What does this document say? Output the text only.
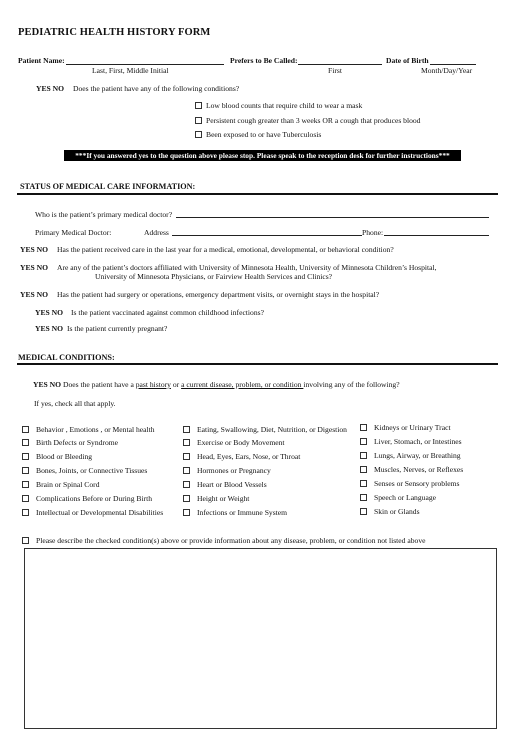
PEDIATRIC HEALTH HISTORY FORM
Patient Name:	Prefers to Be Called:	Date of Birth
Last, First, Middle Initial	First	Month/Day/Year
YES NO Does the patient have any of the following conditions?
Low blood counts that require child to wear a mask
Persistent cough greater than 3 weeks OR a cough that produces blood
Been exposed to or have Tuberculosis
***If you answered yes to the question above please stop. Please speak to the reception desk for further instructions***
STATUS OF MEDICAL CARE INFORMATION:
Who is the patient’s primary medical doctor?
Primary Medical Doctor:	Address	Phone:
YES NO Has the patient received care in the last year for a medical, emotional, developmental, or behavioral condition?
YES NO Are any of the patient’s doctors affiliated with University of Minnesota Health, University of Minnesota Children’s Hospital,
University of Minnesota Physicians, or Fairview Health Services and Clinics?
YES NO Has the patient had surgery or operations, emergency department visits, or overnight stays in the hospital?
YES NO Is the patient vaccinated against common childhood infections?
YES NO Is the patient currently pregnant?
MEDICAL CONDITIONS:
YES NO Does the patient have a past history or a current disease, problem, or condition involving any of the following?
If yes, check all that apply.
Behavior , Emotions , or Mental health
Birth Defects or Syndrome
Blood or Bleeding
Bones, Joints, or Connective Tissues
Brain or Spinal Cord
Complications Before or During Birth
Intellectual or Developmental Disabilities
Eating, Swallowing, Diet, Nutrition, or Digestion
Exercise or Body Movement
Head, Eyes, Ears, Nose, or Throat
Hormones or Pregnancy
Heart or Blood Vessels
Height or Weight
Infections or Immune System
Kidneys or Urinary Tract
Liver, Stomach, or Intestines
Lungs, Airway, or Breathing
Muscles, Nerves, or Reflexes
Senses or Sensory problems
Speech or Language
Skin or Glands
Please describe the checked condition(s) above or provide information about any disease, problem, or condition not listed above
